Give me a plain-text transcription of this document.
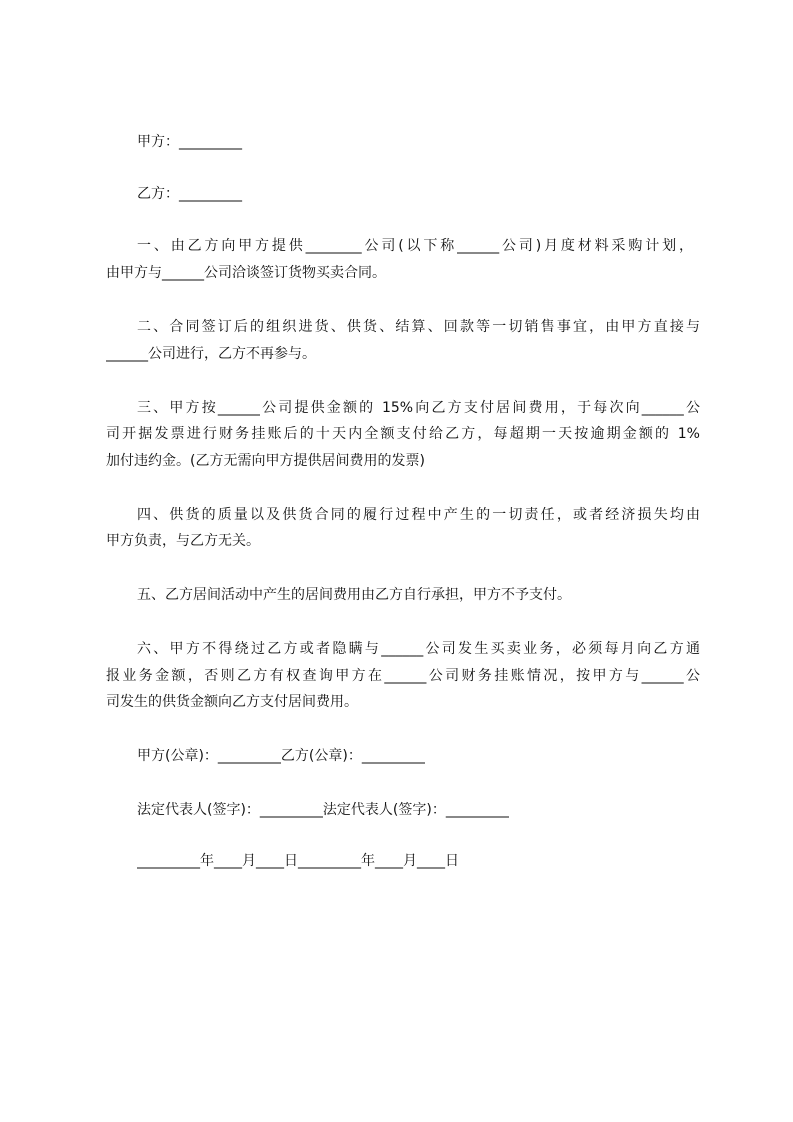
甲方：_________
乙方：_________
一、由乙方向甲方提供________公司(以下称______公司)月度材料采购计划，
由甲方与______公司洽谈签订货物买卖合同。
二、合同签订后的组织进货、供货、结算、回款等一切销售事宜，由甲方直接与
______公司进行，乙方不再参与。
三、甲方按______公司提供金额的 15%向乙方支付居间费用，于每次向______公
司开据发票进行财务挂账后的十天内全额支付给乙方，每超期一天按逾期金额的 1%
加付违约金。(乙方无需向甲方提供居间费用的发票)
四、供货的质量以及供货合同的履行过程中产生的一切责任，或者经济损失均由
甲方负责，与乙方无关。
五、乙方居间活动中产生的居间费用由乙方自行承担，甲方不予支付。
六、甲方不得绕过乙方或者隐瞒与______公司发生买卖业务，必须每月向乙方通
报业务金额，否则乙方有权查询甲方在______公司财务挂账情况，按甲方与______公
司发生的供货金额向乙方支付居间费用。
甲方(公章)：_________乙方(公章)：_________
法定代表人(签字)：_________法定代表人(签字)：_________
_________年____月____日_________年____月____日
